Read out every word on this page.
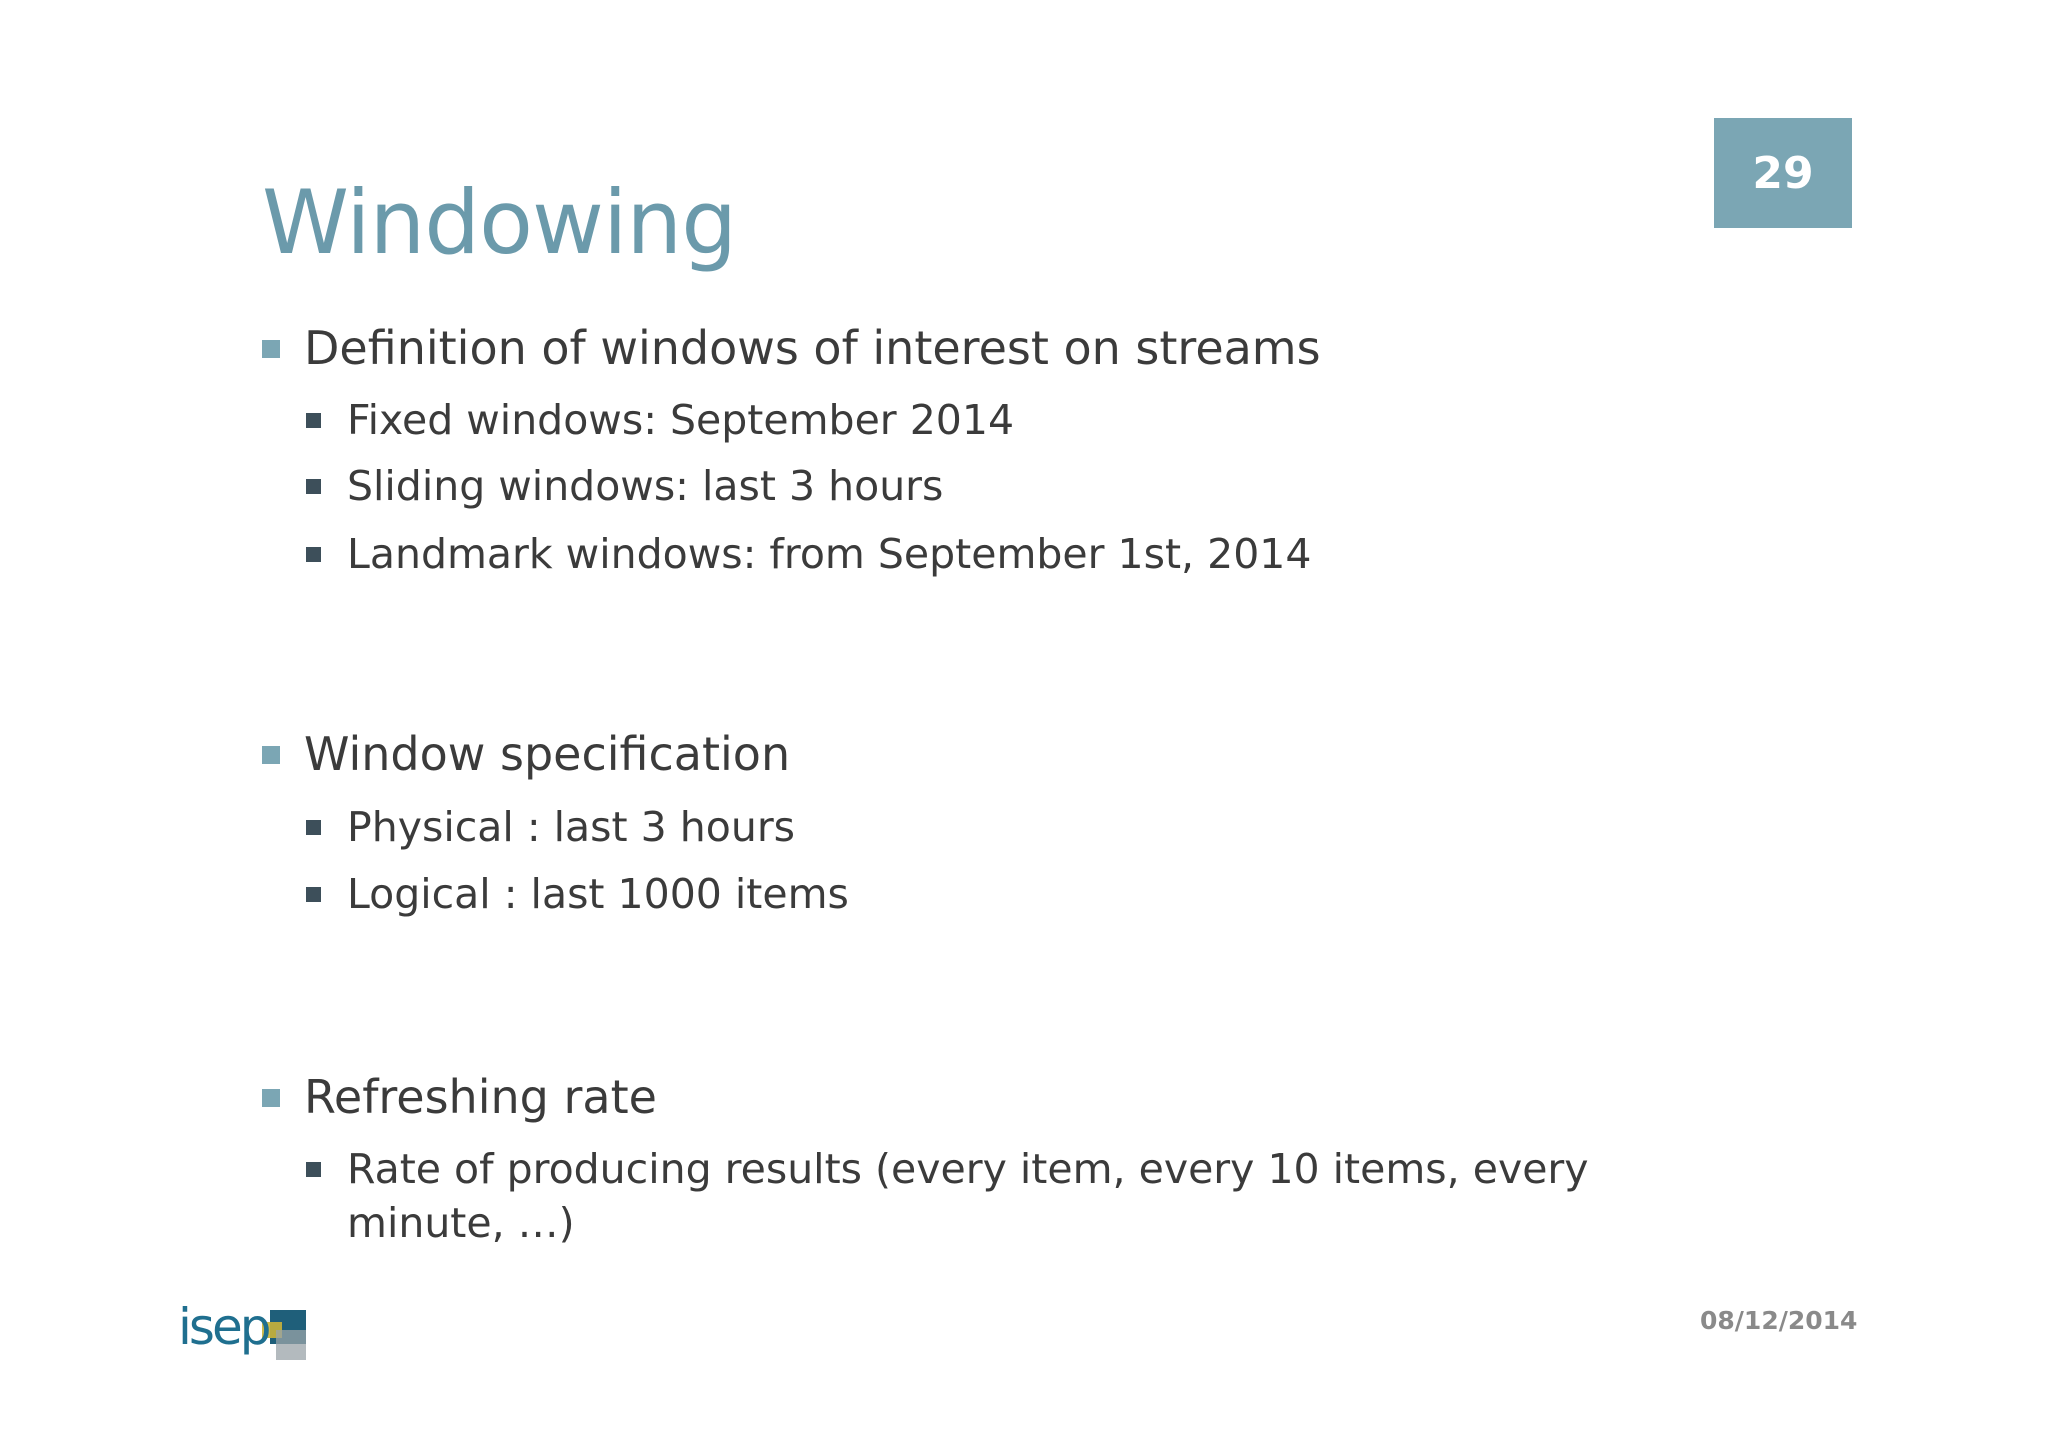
29
Windowing
Definition of windows of interest on streams
Fixed windows: September 2014
Sliding windows: last 3 hours
Landmark windows: from September 1st, 2014
Window specification
Physical : last 3 hours
Logical : last 1000 items
Refreshing rate
Rate of producing results (every item, every 10 items, every minute, …)
isep	08/12/2014
